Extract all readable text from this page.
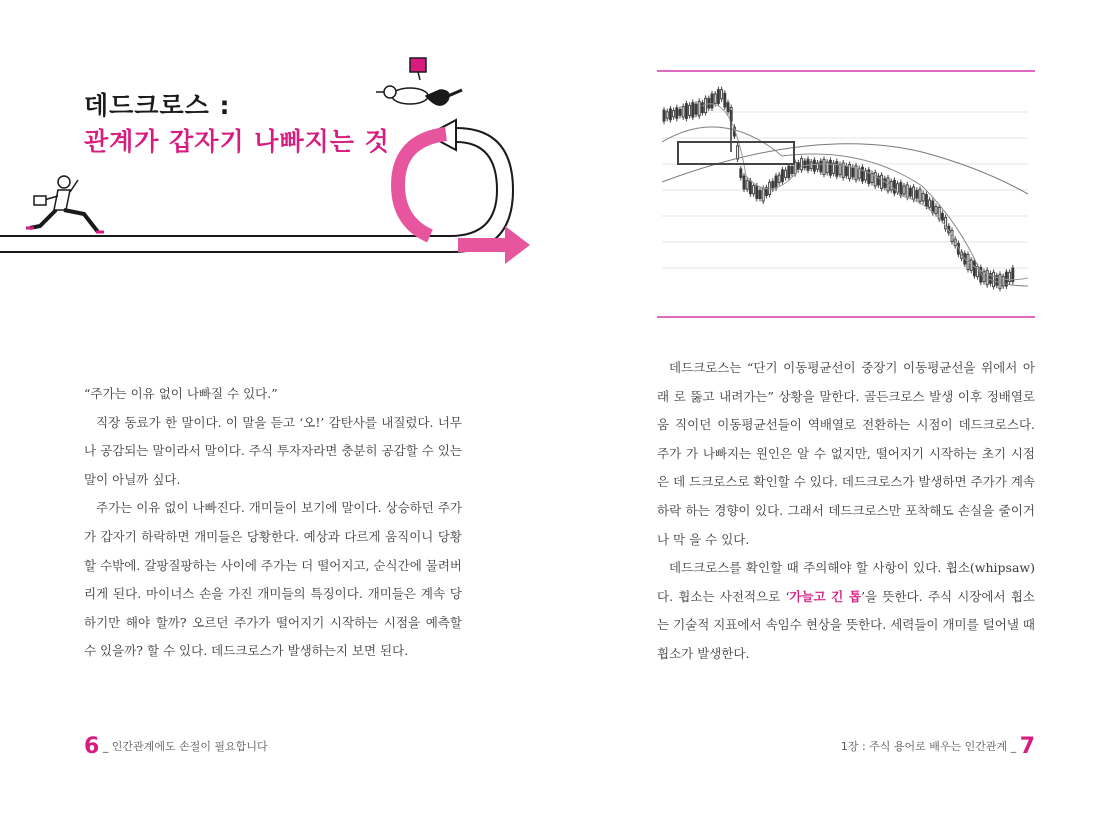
데드크로스 :
관계가 갑자기 나빠지는 것

“주가는 이유 없이 나빠질 수 있다.”

직장 동료가 한 말이다. 이 말을 듣고 ‘오!’ 감탄사를 내질렀다. 너무 나 공감되는 말이라서 말이다. 주식 투자자라면 충분히 공감할 수 있는 말이 아닐까 싶다.

주가는 이유 없이 나빠진다. 개미들이 보기에 말이다. 상승하던 주가 가 갑자기 하락하면 개미들은 당황한다. 예상과 다르게 움직이니 당황 할 수밖에. 갈팡질팡하는 사이에 주가는 더 떨어지고, 순식간에 물려버 리게 된다. 마이너스 손을 가진 개미들의 특징이다. 개미들은 계속 당 하기만 해야 할까? 오르던 주가가 떨어지기 시작하는 시점을 예측할 수 있을까? 할 수 있다. 데드크로스가 발생하는지 보면 된다.

6 _ 인간관계에도 손절이 필요합니다

데드크로스는 “단기 이동평균선이 중장기 이동평균선을 위에서 아래 로 뚫고 내려가는” 상황을 말한다. 골든크로스 발생 이후 정배열로 움 직이던 이동평균선들이 역배열로 전환하는 시점이 데드크로스다. 주가 가 나빠지는 원인은 알 수 없지만, 떨어지기 시작하는 초기 시점은 데 드크로스로 확인할 수 있다. 데드크로스가 발생하면 주가가 계속 하락 하는 경향이 있다. 그래서 데드크로스만 포착해도 손실을 줄이거나 막 을 수 있다.

데드크로스를 확인할 때 주의해야 할 사항이 있다. 휩소(whipsaw)다. 휩소는 사전적으로 ‘가늘고 긴 톱’을 뜻한다. 주식 시장에서 휩소는 기술적 지표에서 속임수 현상을 뜻한다. 세력들이 개미를 털어낼 때 휩소가 발생한다.

1장 : 주식 용어로 배우는 인간관계 _ 7
